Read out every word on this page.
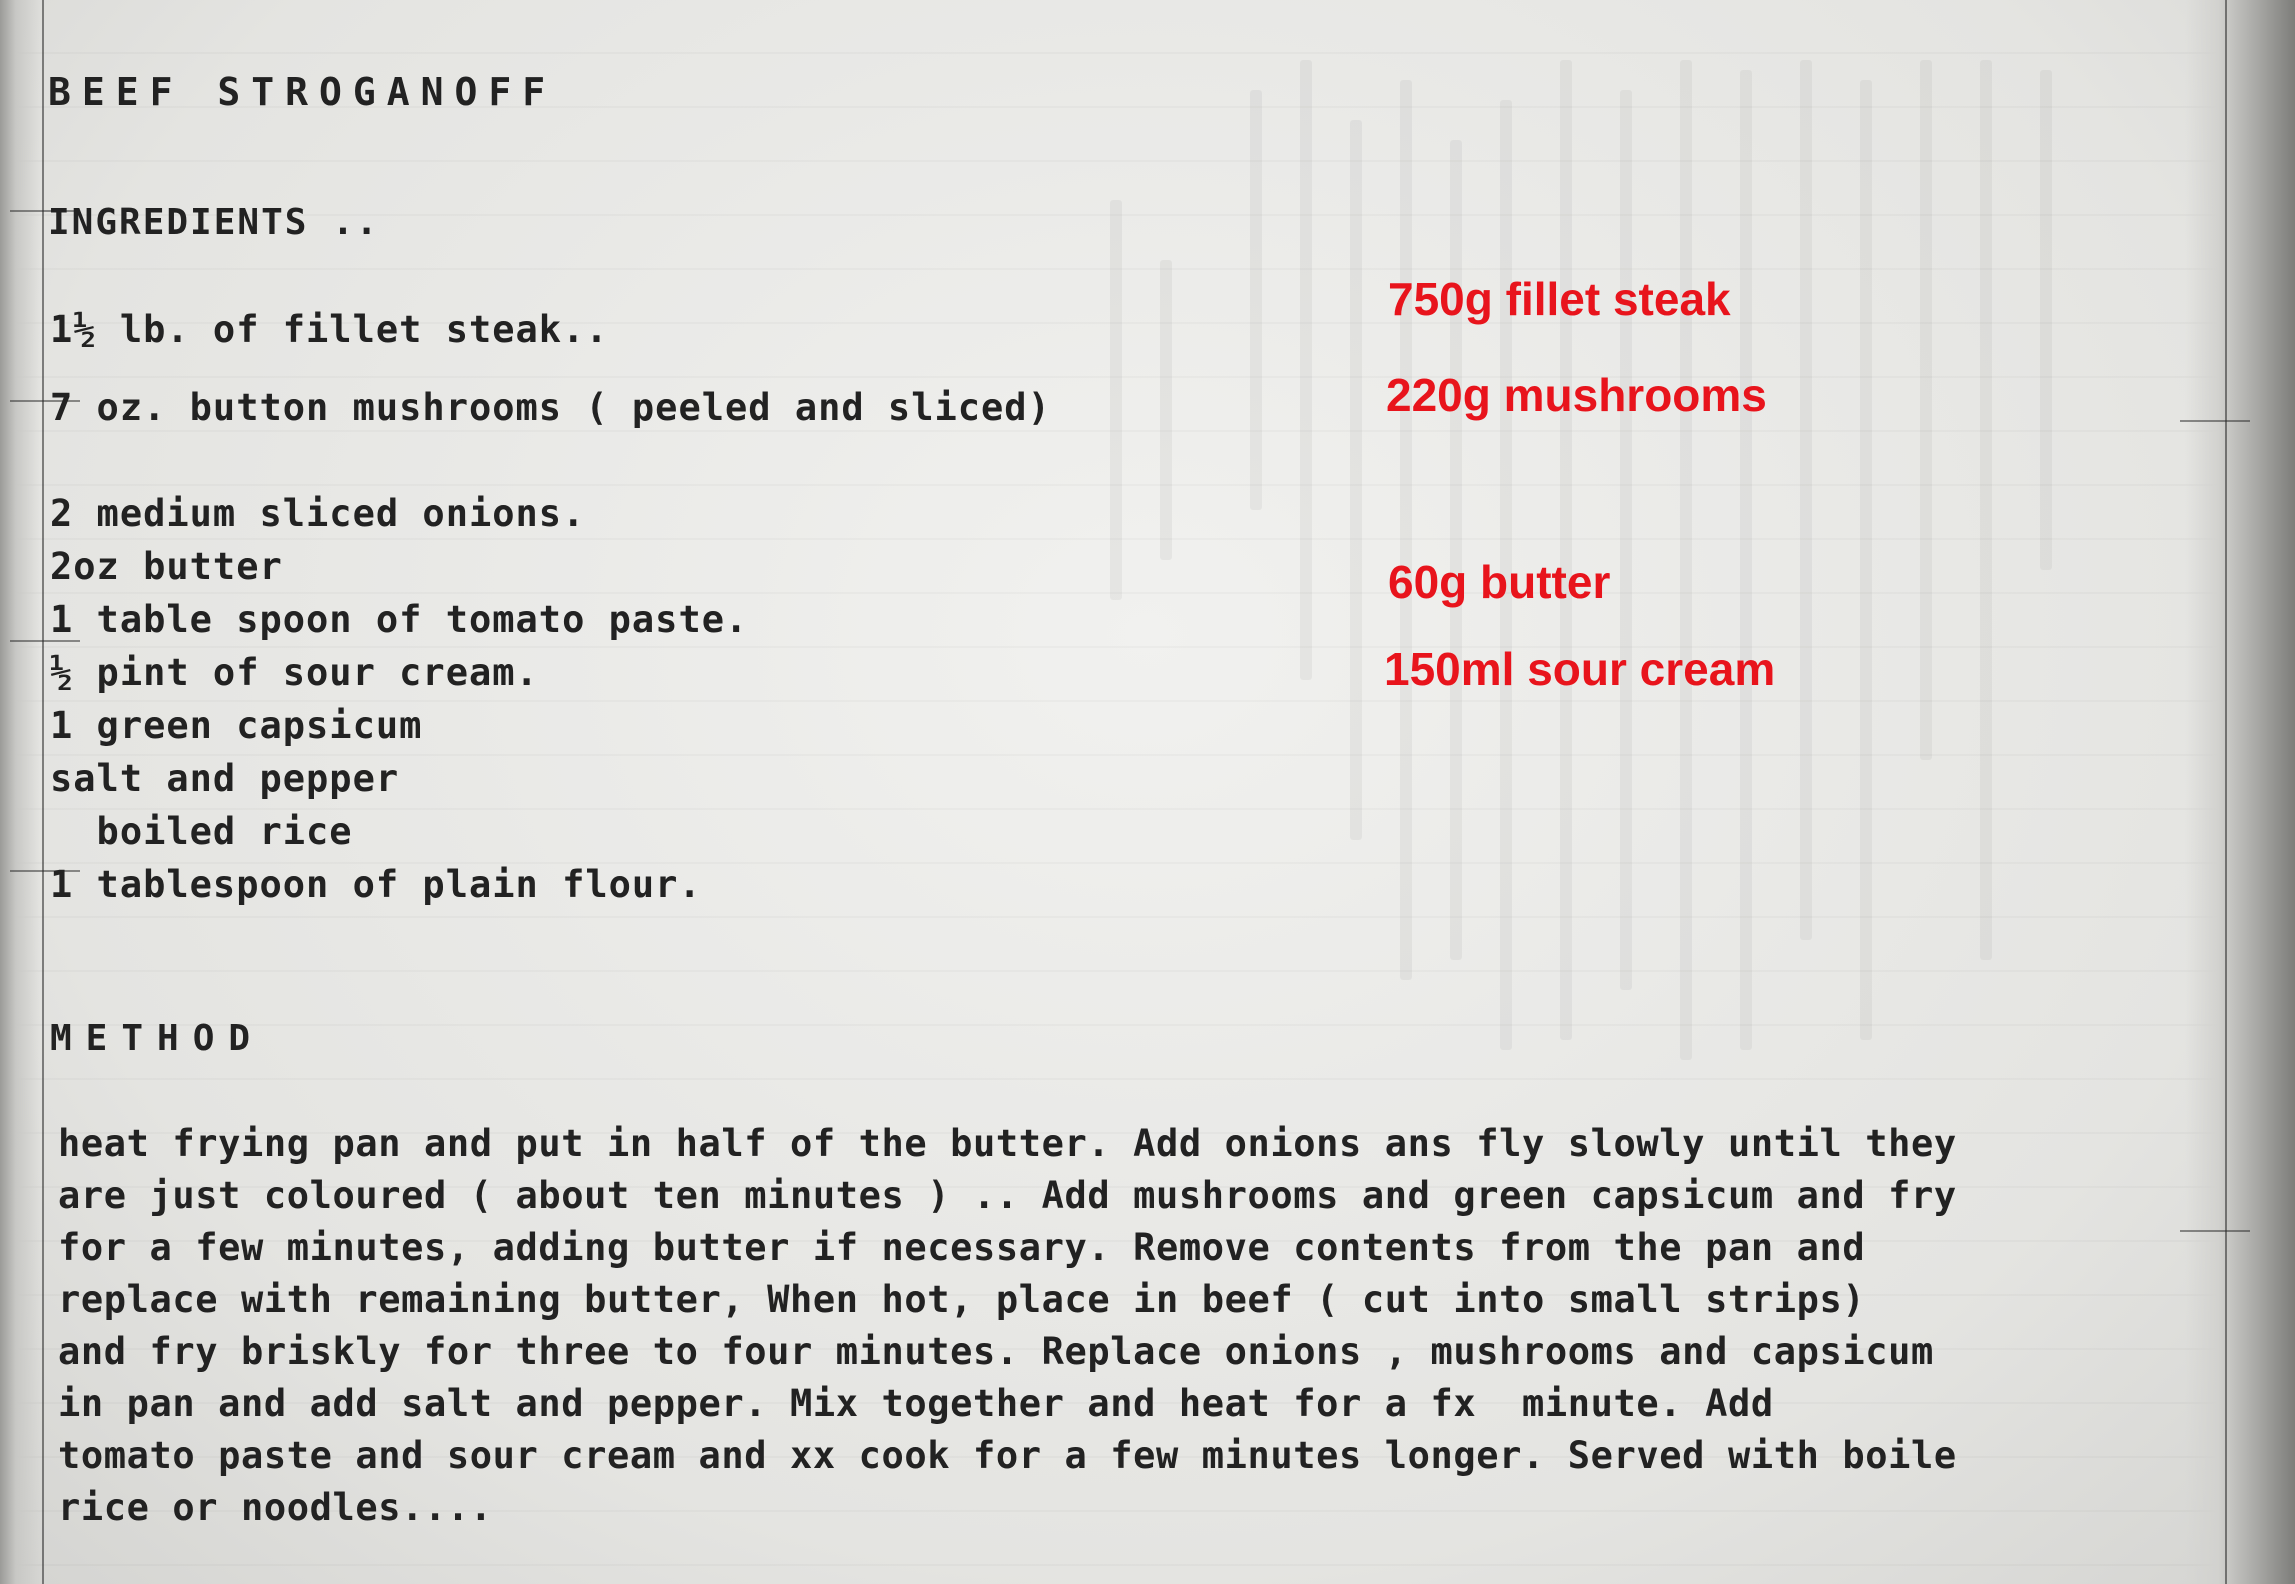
BEEF STROGANOFF
INGREDIENTS ..
1½ lb. of fillet steak..
7 oz. button mushrooms ( peeled and sliced)
2 medium sliced onions.
2oz butter
1 table spoon of tomato paste.
½ pint of sour cream.
1 green capsicum
salt and pepper
boiled rice
1 tablespoon of plain flour.
750g fillet steak
220g mushrooms
60g butter
150ml sour cream
METHOD
heat frying pan and put in half of the butter. Add onions ans fly slowly until they
are just coloured ( about ten minutes ) .. Add mushrooms and green capsicum and fry
for a few minutes, adding butter if necessary. Remove contents from the pan and
replace with remaining butter, When hot, place in beef ( cut into small strips)
and fry briskly for three to four minutes. Replace onions , mushrooms and capsicum
in pan and add salt and pepper. Mix together and heat for a fx  minute. Add
tomato paste and sour cream and xx cook for a few minutes longer. Served with boile
rice or noodles....
